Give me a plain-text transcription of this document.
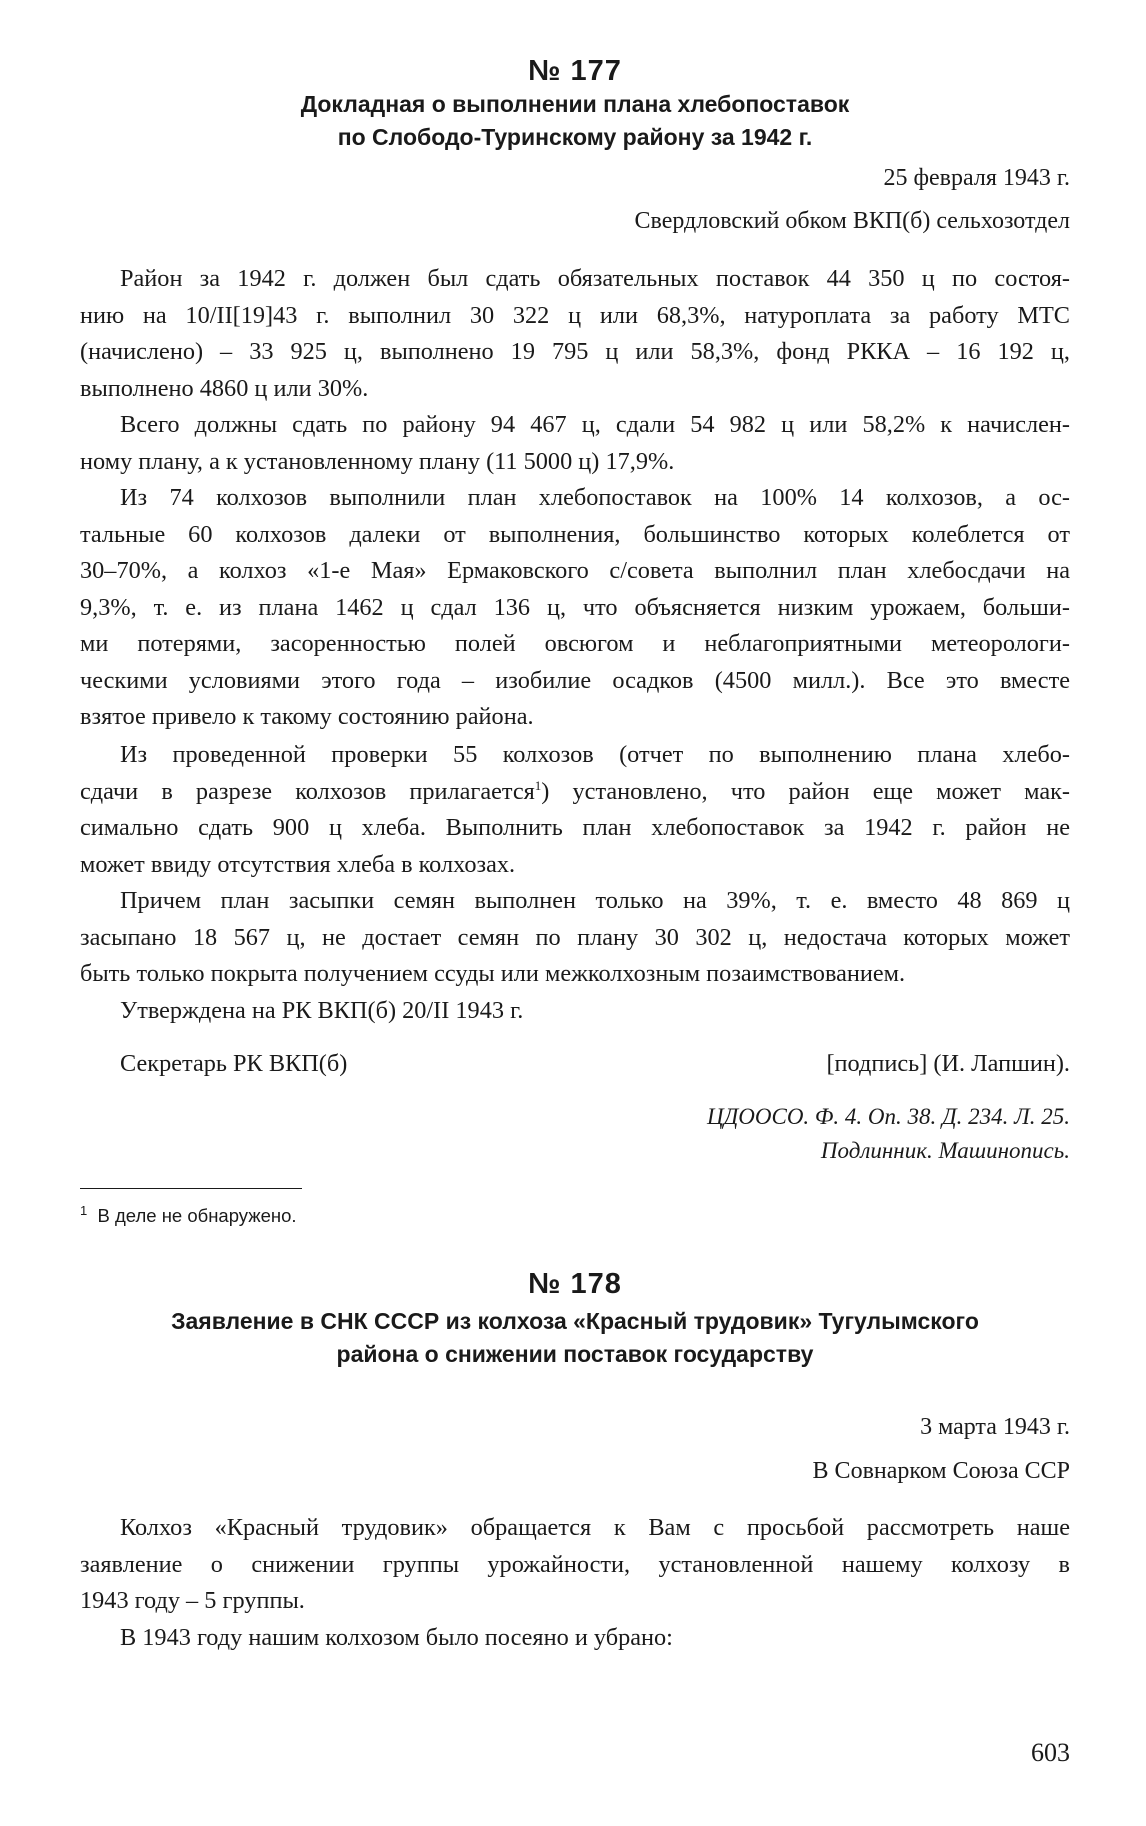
№ 177

Докладная о выполнении плана хлебопоставок
по Слободо-Туринскому району за 1942 г.

25 февраля 1943 г.

Свердловский обком ВКП(б) сельхозотдел

Район за 1942 г. должен был сдать обязательных поставок 44 350 ц по состоя-
нию на 10/II[19]43 г. выполнил 30 322 ц или 68,3%, натуроплата за работу МТС
(начислено) – 33 925 ц, выполнено 19 795 ц или 58,3%, фонд РККА – 16 192 ц,
выполнено 4860 ц или 30%.
Всего должны сдать по району 94 467 ц, сдали 54 982 ц или 58,2% к начислен-
ному плану, а к установленному плану (11 5000 ц) 17,9%.
Из 74 колхозов выполнили план хлебопоставок на 100% 14 колхозов, а ос-
тальные 60 колхозов далеки от выполнения, большинство которых колеблется от
30–70%, а колхоз «1-е Мая» Ермаковского с/совета выполнил план хлебосдачи на
9,3%, т. е. из плана 1462 ц сдал 136 ц, что объясняется низким урожаем, больши-
ми потерями, засоренностью полей овсюгом и неблагоприятными метеорологи-
ческими условиями этого года – изобилие осадков (4500 милл.). Все это вместе
взятое привело к такому состоянию района.
Из проведенной проверки 55 колхозов (отчет по выполнению плана хлебо-
сдачи в разрезе колхозов прилагается$^1$) установлено, что район еще может мак-
симально сдать 900 ц хлеба. Выполнить план хлебопоставок за 1942 г. район не
может ввиду отсутствия хлеба в колхозах.
Причем план засыпки семян выполнен только на 39%, т. е. вместо 48 869 ц
засыпано 18 567 ц, не достает семян по плану 30 302 ц, недостача которых может
быть только покрыта получением ссуды или межколхозным позаимствованием.
Утверждена на РК ВКП(б) 20/II 1943 г.
Секретарь РК ВКП(б)	[подпись] (И. Лапшин).
ЦДООСО. Ф. 4. Оп. 38. Д. 234. Л. 25.
Подлинник. Машинопись.

$^1$ В деле не обнаружено.

№ 178

Заявление в СНК СССР из колхоза «Красный трудовик» Тугулымского
района о снижении поставок государству

3 марта 1943 г.

В Совнарком Союза ССР

Колхоз «Красный трудовик» обращается к Вам с просьбой рассмотреть наше
заявление о снижении группы урожайности, установленной нашему колхозу в
1943 году – 5 группы.
В 1943 году нашим колхозом было посеяно и убрано:

603
